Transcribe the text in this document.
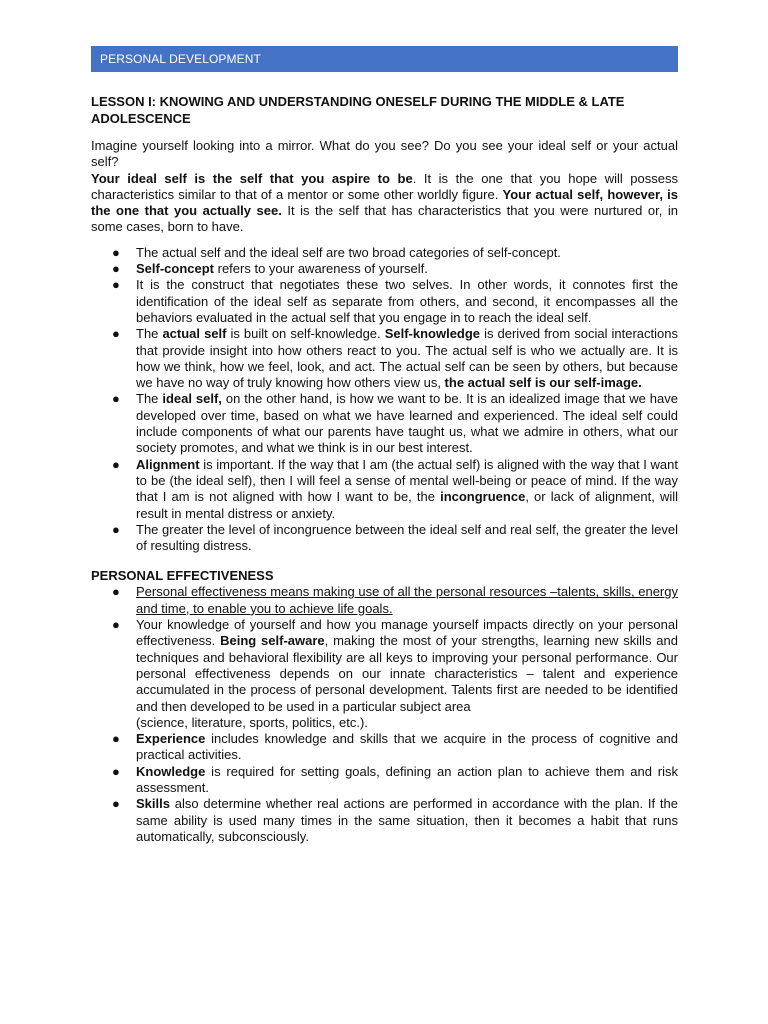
PERSONAL DEVELOPMENT
LESSON I: KNOWING AND UNDERSTANDING ONESELF DURING THE MIDDLE & LATE ADOLESCENCE

Imagine yourself looking into a mirror. What do you see? Do you see your ideal self or your actual self?

Your ideal self is the self that you aspire to be. It is the one that you hope will possess characteristics similar to that of a mentor or some other worldly figure. Your actual self, however, is the one that you actually see. It is the self that has characteristics that you were nurtured or, in some cases, born to have.

● The actual self and the ideal self are two broad categories of self-concept.
● Self-concept refers to your awareness of yourself.
● It is the construct that negotiates these two selves. In other words, it connotes first the identification of the ideal self as separate from others, and second, it encompasses all the behaviors evaluated in the actual self that you engage in to reach the ideal self.
● The actual self is built on self-knowledge. Self-knowledge is derived from social interactions that provide insight into how others react to you. The actual self is who we actually are. It is how we think, how we feel, look, and act. The actual self can be seen by others, but because we have no way of truly knowing how others view us, the actual self is our self-image.
● The ideal self, on the other hand, is how we want to be. It is an idealized image that we have developed over time, based on what we have learned and experienced. The ideal self could include components of what our parents have taught us, what we admire in others, what our society promotes, and what we think is in our best interest.
● Alignment is important. If the way that I am (the actual self) is aligned with the way that I want to be (the ideal self), then I will feel a sense of mental well-being or peace of mind. If the way that I am is not aligned with how I want to be, the incongruence, or lack of alignment, will result in mental distress or anxiety.
● The greater the level of incongruence between the ideal self and real self, the greater the level of resulting distress.
PERSONAL EFFECTIVENESS
● Personal effectiveness means making use of all the personal resources –talents, skills, energy and time, to enable you to achieve life goals.
● Your knowledge of yourself and how you manage yourself impacts directly on your personal effectiveness. Being self-aware, making the most of your strengths, learning new skills and techniques and behavioral flexibility are all keys to improving your personal performance. Our personal effectiveness depends on our innate characteristics – talent and experience accumulated in the process of personal development. Talents first are needed to be identified and then developed to be used in a particular subject area
(science, literature, sports, politics, etc.).
● Experience includes knowledge and skills that we acquire in the process of cognitive and practical activities.
● Knowledge is required for setting goals, defining an action plan to achieve them and risk assessment.
● Skills also determine whether real actions are performed in accordance with the plan. If the same ability is used many times in the same situation, then it becomes a habit that runs automatically, subconsciously.
